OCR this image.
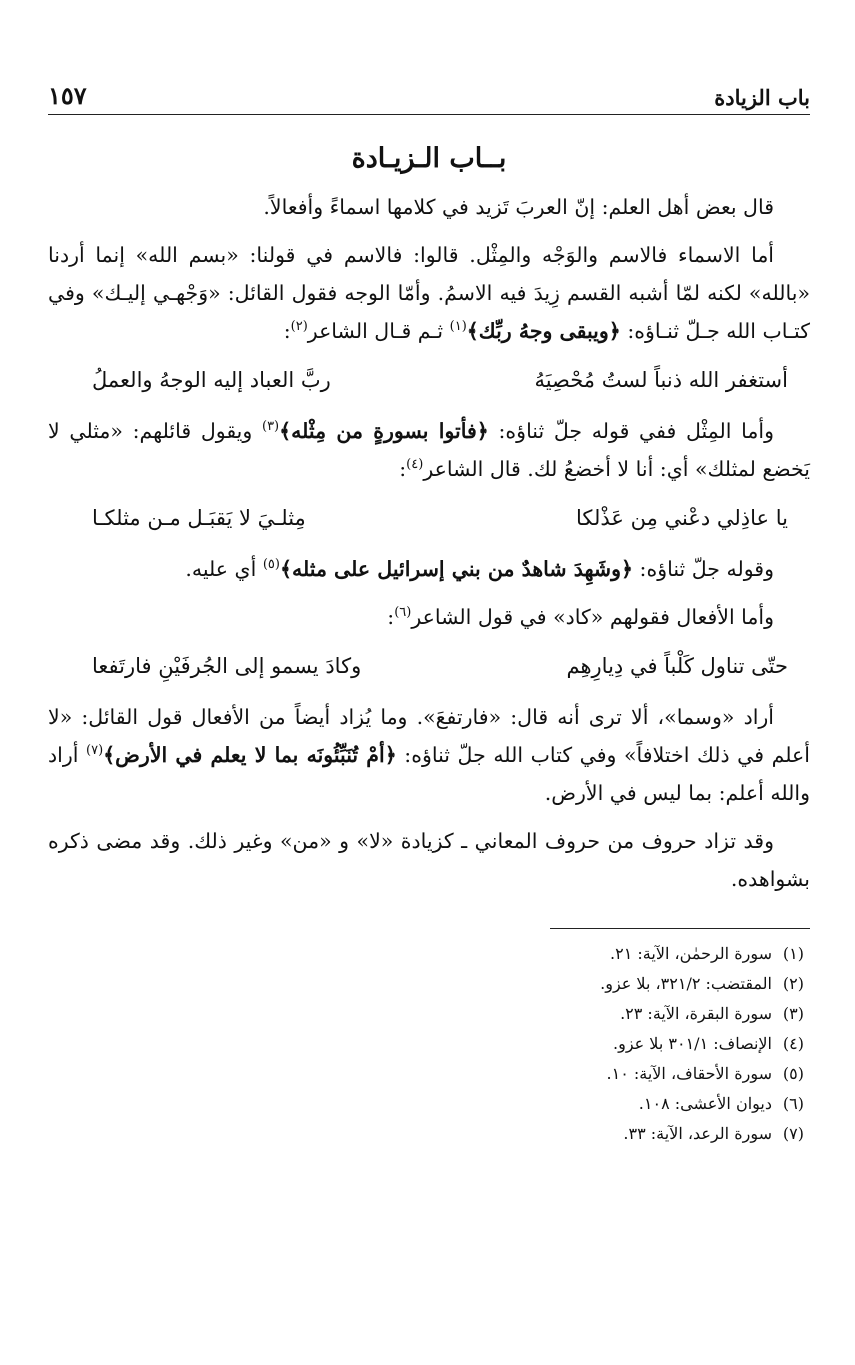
باب الزيادة
١٥٧
بــاب الـزيـادة

قال بعض أهل العلم: إنّ العربَ تَزيد في كلامها اسماءً وأفعالاً.

أما الاسماء فالاسم والوَجْه والمِثْل. قالوا: فالاسم في قولنا: «بسم الله» إنما أردنا «بالله» لكنه لمّا أشبه القسم زِيدَ فيه الاسمُ. وأمّا الوجه فقول القائل: «وَجْهـي إليـك» وفي كتـاب الله جـلّ ثنـاؤه: ﴿ويبقى وجهُ ربِّك﴾$^{(١)}$ ثـم قـال الشاعر$^{(٢)}$:

أستغفر الله ذنباً لستُ مُحْصِيَهُ
ربَّ العباد إليه الوجهُ والعملُ

وأما المِثْل ففي قوله جلّ ثناؤه: ﴿فأتوا بسورةٍ من مِثْله﴾$^{(٣)}$ ويقول قائلهم: «مثلي لا يَخضع لمثلك» أي: أنا لا أخضعُ لك. قال الشاعر$^{(٤)}$:

يا عاذِلي دعْني مِن عَذْلكا
مِثلـيَ لا يَقبَـل مـن مثلكـا

وقوله جلّ ثناؤه: ﴿وشَهِدَ شاهدٌ من بني إسرائيل على مثله﴾$^{(٥)}$ أي عليه.

وأما الأفعال فقولهم «كاد» في قول الشاعر$^{(٦)}$:

حتّى تناول كَلْباً في دِيارِهِم
وكادَ يسمو إلى الجُرفَيْنِ فارتَفعا

أراد «وسما»، ألا ترى أنه قال: «فارتفعَ». وما يُزاد أيضاً من الأفعال قول القائل: «لا أعلم في ذلك اختلافاً» وفي كتاب الله جلّ ثناؤه: ﴿أمْ تُنَبِّئُونَه بما لا يعلم في الأرض﴾$^{(٧)}$ أراد والله أعلم: بما ليس في الأرض.

وقد تزاد حروف من حروف المعاني ـ كزيادة «لا» و «من» وغير ذلك. وقد مضى ذكره بشواهده.

(١)
سورة الرحمٰن، الآية: ٢١.
(٢)
المقتضب: ٣٢١/٢، بلا عزو.
(٣)
سورة البقرة، الآية: ٢٣.
(٤)
الإنصاف: ٣٠١/١ بلا عزو.
(٥)
سورة الأحقاف، الآية: ١٠.
(٦)
ديوان الأعشى: ١٠٨.
(٧)
سورة الرعد، الآية: ٣٣.
